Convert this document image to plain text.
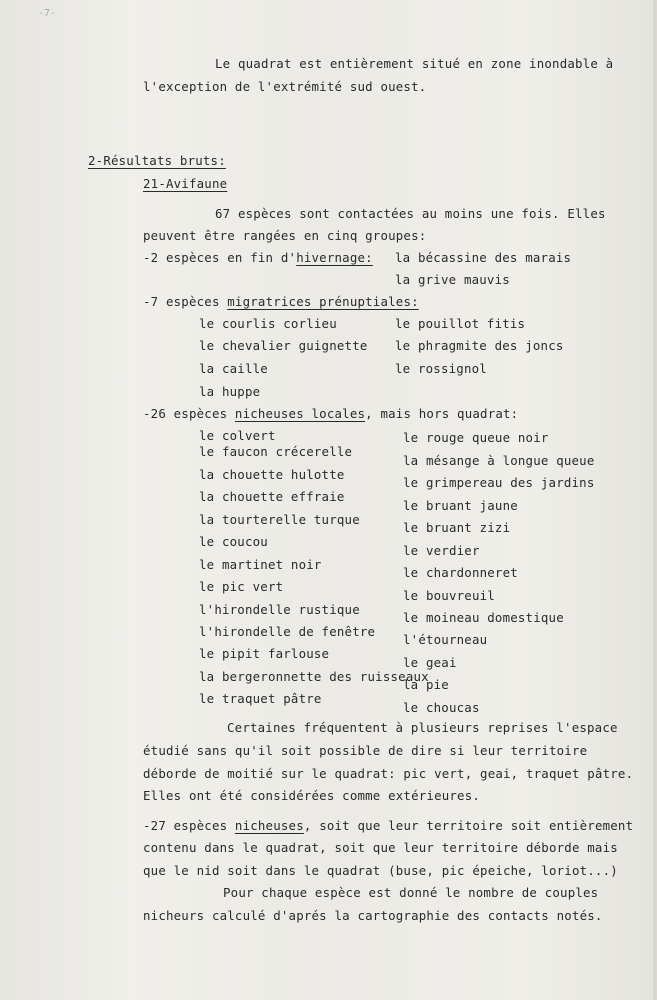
-7-
Le quadrat est entièrement situé en zone inondable à
l'exception de l'extrémité sud ouest.
2-Résultats bruts:
21-Avifaune
67 espèces sont contactées au moins une fois. Elles
peuvent être rangées en cinq groupes:
-2 espèces en fin d'hivernage: la bécassine des marais
la grive mauvis
-7 espèces migratrices prénuptiales:
le courlis corlieu
le chevalier guignette
la caille
la huppe
le pouillot fitis
le phragmite des joncs
le rossignol
-26 espèces nicheuses locales, mais hors quadrat:
le colvert
le faucon crécerelle
la chouette hulotte
la chouette effraie
la tourterelle turque
le coucou
le martinet noir
le pic vert
l'hirondelle rustique
l'hirondelle de fenêtre
le pipit farlouse
la bergeronnette des ruisseaux
le traquet pâtre
le rouge queue noir
la mésange à longue queue
le grimpereau des jardins
le bruant jaune
le bruant zizi
le verdier
le chardonneret
le bouvreuil
le moineau domestique
l'étourneau
le geai
la pie
le choucas
Certaines fréquentent à plusieurs reprises l'espace
étudié sans qu'il soit possible de dire si leur territoire
déborde de moitié sur le quadrat: pic vert, geai, traquet pâtre.
Elles ont été considérées comme extérieures.
-27 espèces nicheuses, soit que leur territoire soit entièrement
contenu dans le quadrat, soit que leur territoire déborde mais
que le nid soit dans le quadrat (buse, pic épeiche, loriot...)
Pour chaque espèce est donné le nombre de couples
nicheurs calculé d'aprés la cartographie des contacts notés.
